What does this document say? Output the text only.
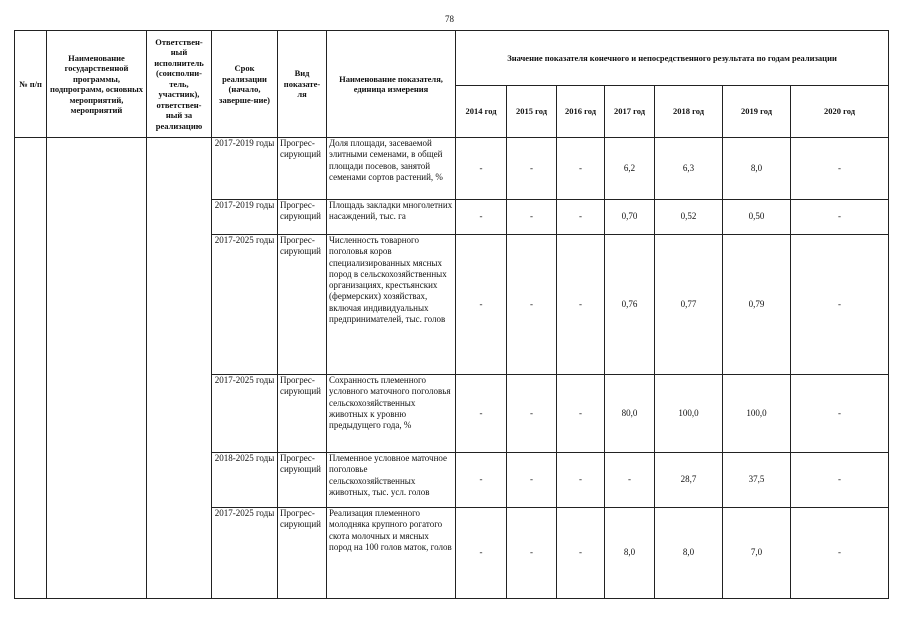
78
№ п/п	Наименование государственной программы, подпрограмм, основных мероприятий, мероприятий	Ответствен-ный исполнитель (соисполни-тель, участник), ответствен-ный за реализацию	Срок реализации (начало, заверше-ние)	Вид показате-ля	Наименование показателя, единица измерения	Значение показателя конечного и непосредственного результата по годам реализации						
						2014 год	2015 год	2016 год	2017 год	2018 год	2019 год	2020 год
			2017-2019 годы	Прогрес-сирующий	Доля площади, засеваемой элитными семенами, в общей площади посевов, занятой семенами сортов растений, %	-	-	-	6,2	6,3	8,0	-
			2017-2019 годы	Прогрес-сирующий	Площадь закладки многолетних насаждений, тыс. га	-	-	-	0,70	0,52	0,50	-
			2017-2025 годы	Прогрес-сирующий	Численность товарного поголовья коров специализированных мясных пород в сельскохозяйственных организациях, крестьянских (фермерских) хозяйствах, включая индивидуальных предпринимателей, тыс. голов	-	-	-	0,76	0,77	0,79	-
			2017-2025 годы	Прогрес-сирующий	Сохранность племенного условного маточного поголовья сельскохозяйственных животных к уровню предыдущего года, %	-	-	-	80,0	100,0	100,0	-
			2018-2025 годы	Прогрес-сирующий	Племенное условное маточное поголовье сельскохозяйственных животных, тыс. усл. голов	-	-	-	-	28,7	37,5	-
			2017-2025 годы	Прогрес-сирующий	Реализация племенного молодняка крупного рогатого скота молочных и мясных пород на 100 голов маток, голов	-	-	-	8,0	8,0	7,0	-
